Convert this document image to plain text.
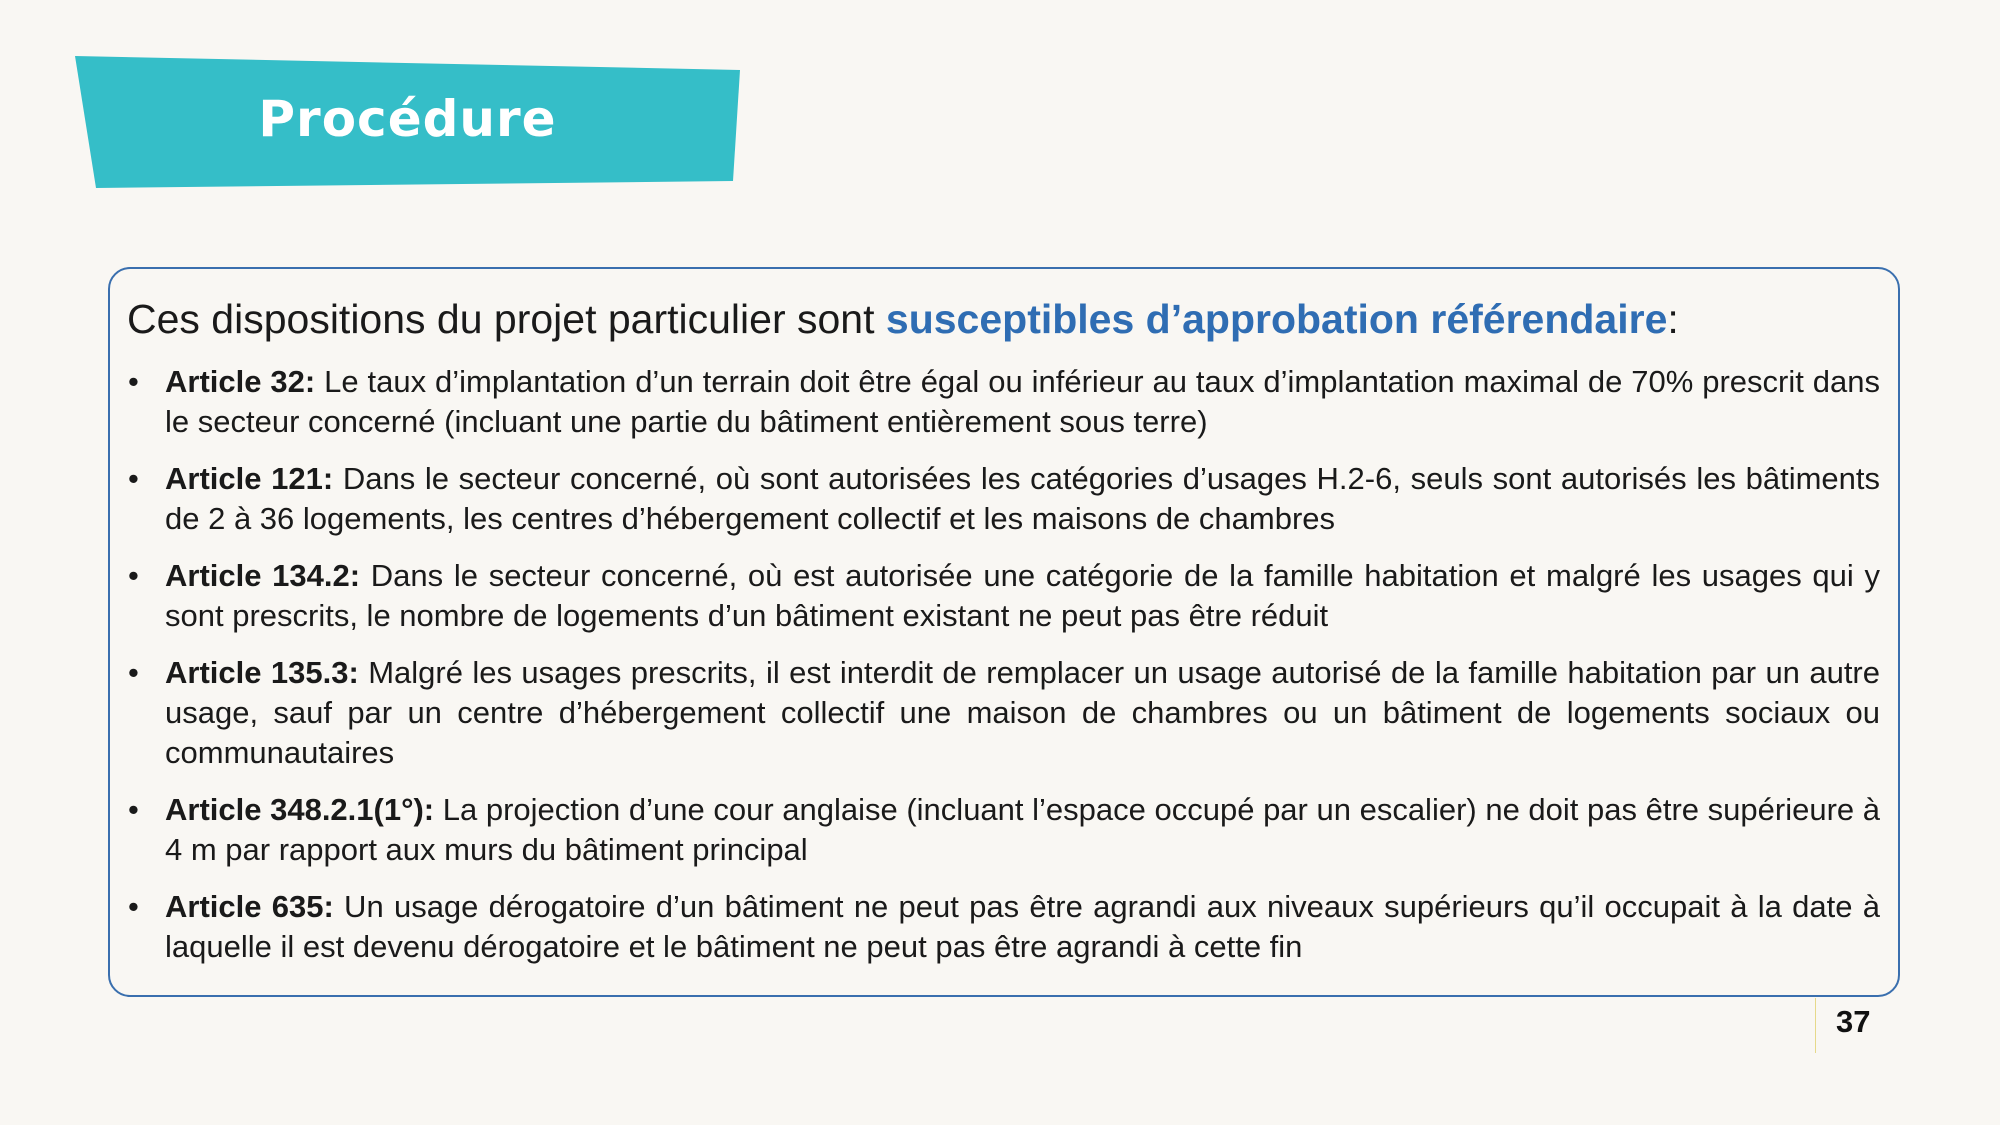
Procédure

Ces dispositions du projet particulier sont susceptibles d’approbation référendaire:

• Article 32: Le taux d’implantation d’un terrain doit être égal ou inférieur au taux d’implantation maximal de 70% prescrit dans le secteur concerné (incluant une partie du bâtiment entièrement sous terre)
• Article 121: Dans le secteur concerné, où sont autorisées les catégories d’usages H.2-6, seuls sont autorisés les bâtiments de 2 à 36 logements, les centres d’hébergement collectif et les maisons de chambres
• Article 134.2: Dans le secteur concerné, où est autorisée une catégorie de la famille habitation et malgré les usages qui y sont prescrits, le nombre de logements d’un bâtiment existant ne peut pas être réduit
• Article 135.3: Malgré les usages prescrits, il est interdit de remplacer un usage autorisé de la famille habitation par un autre usage, sauf par un centre d’hébergement collectif une maison de chambres ou un bâtiment de logements sociaux ou communautaires
• Article 348.2.1(1°): La projection d’une cour anglaise (incluant l’espace occupé par un escalier) ne doit pas être supérieure à 4 m par rapport aux murs du bâtiment principal
• Article 635: Un usage dérogatoire d’un bâtiment ne peut pas être agrandi aux niveaux supérieurs qu’il occupait à la date à laquelle il est devenu dérogatoire et le bâtiment ne peut pas être agrandi à cette fin
37
